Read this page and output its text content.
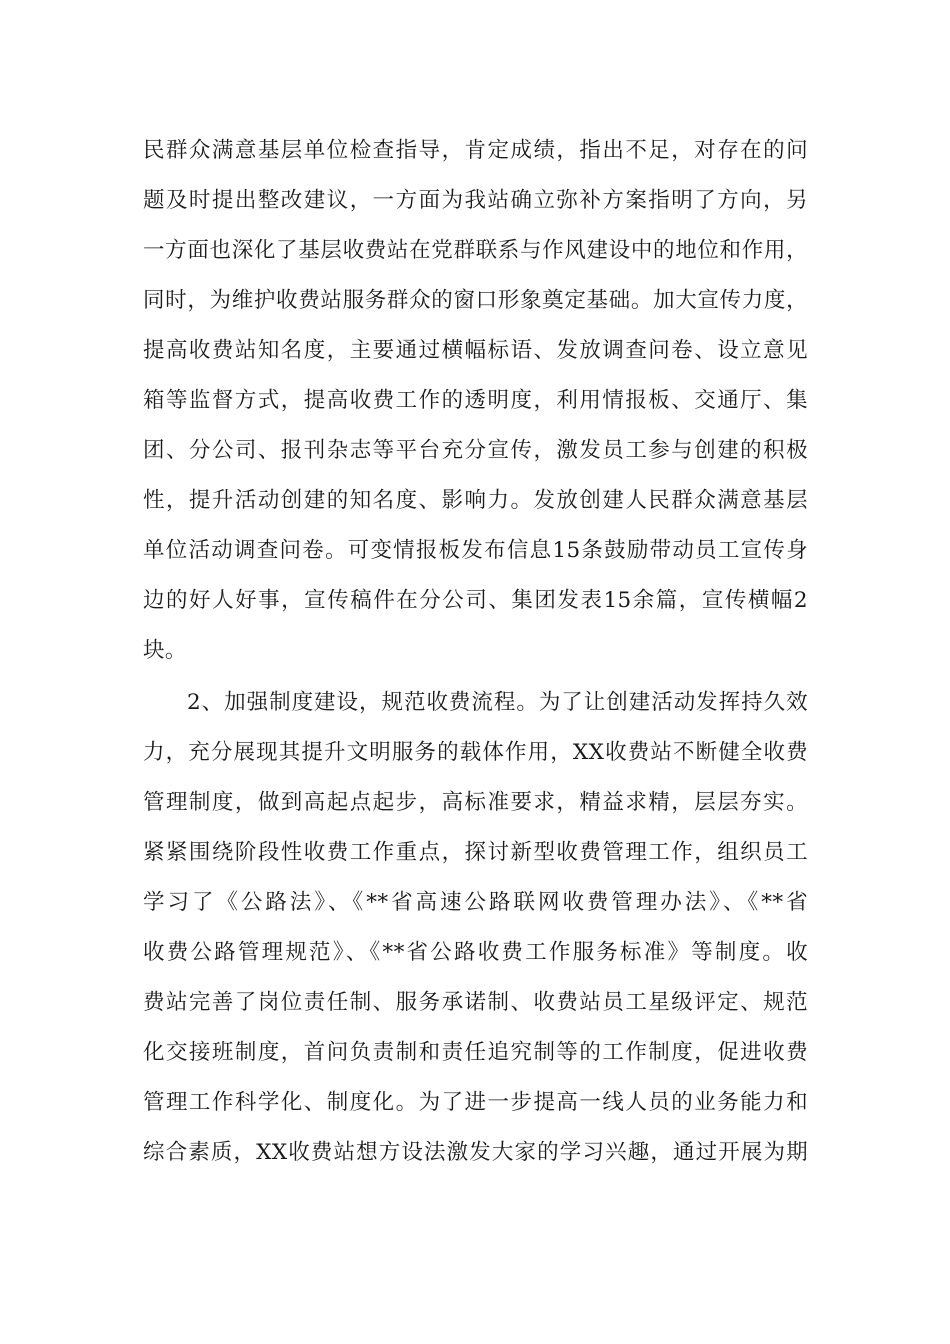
民群众满意基层单位检查指导，肯定成绩，指出不足，对存在的问
题及时提出整改建议，一方面为我站确立弥补方案指明了方向，另
一方面也深化了基层收费站在党群联系与作风建设中的地位和作用，
同时，为维护收费站服务群众的窗口形象奠定基础。加大宣传力度，
提高收费站知名度，主要通过横幅标语、发放调查问卷、设立意见
箱等监督方式，提高收费工作的透明度，利用情报板、交通厅、集
团、分公司、报刊杂志等平台充分宣传，激发员工参与创建的积极
性，提升活动创建的知名度、影响力。发放创建人民群众满意基层
单位活动调查问卷。可变情报板发布信息15条鼓励带动员工宣传身
边的好人好事，宣传稿件在分公司、集团发表15余篇，宣传横幅2
块。
2、加强制度建设，规范收费流程。为了让创建活动发挥持久效
力，充分展现其提升文明服务的载体作用，XX收费站不断健全收费
管理制度，做到高起点起步，高标准要求，精益求精，层层夯实。
紧紧围绕阶段性收费工作重点，探讨新型收费管理工作，组织员工
学习了《公路法》、《**省高速公路联网收费管理办法》、《**省
收费公路管理规范》、《**省公路收费工作服务标准》等制度。收
费站完善了岗位责任制、服务承诺制、收费站员工星级评定、规范
化交接班制度，首问负责制和责任追究制等的工作制度，促进收费
管理工作科学化、制度化。为了进一步提高一线人员的业务能力和
综合素质，XX收费站想方设法激发大家的学习兴趣，通过开展为期
